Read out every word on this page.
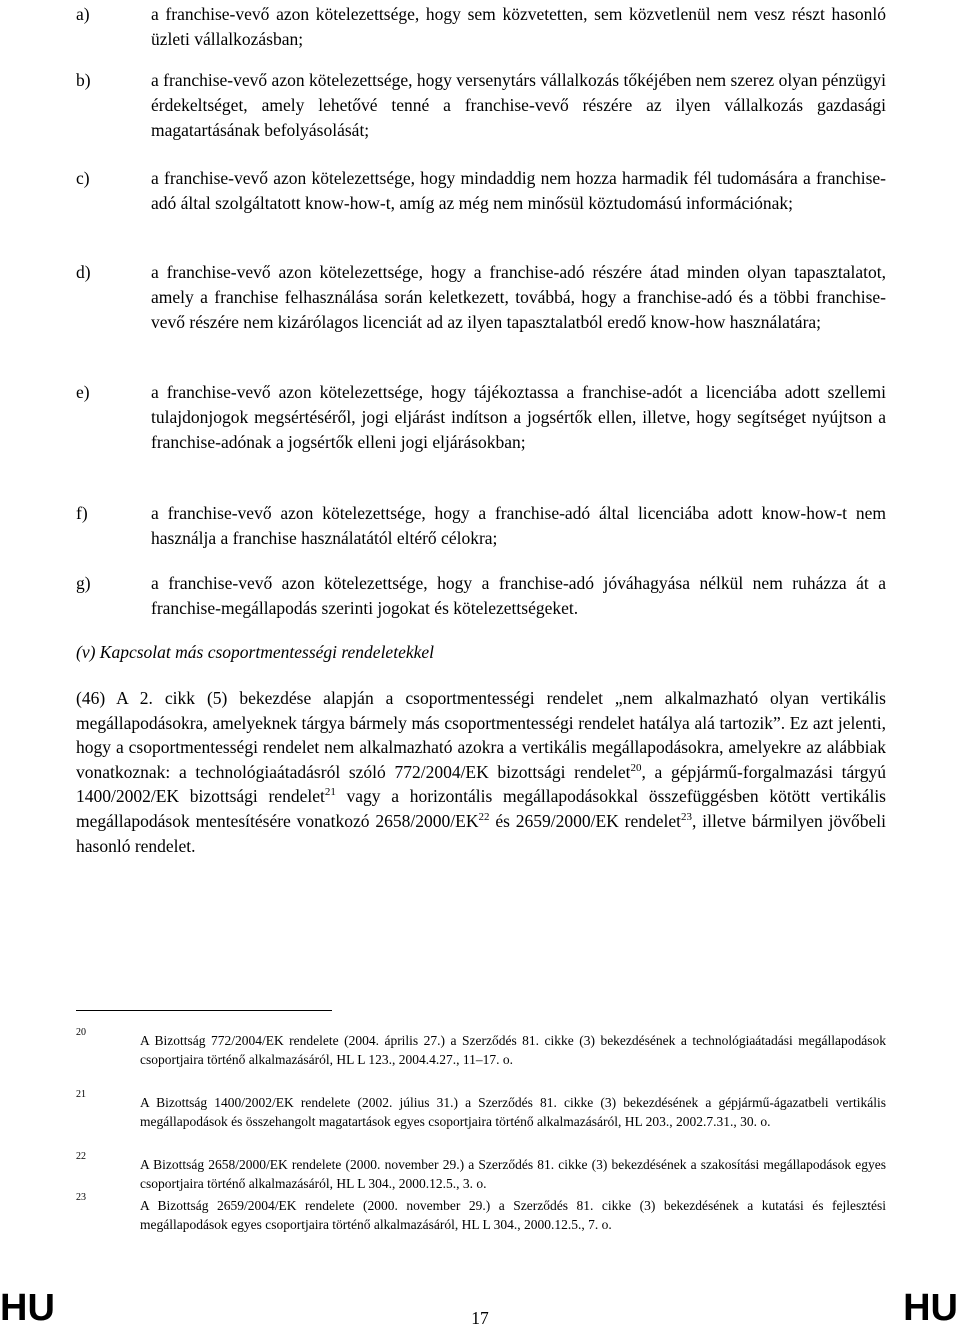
a)	a franchise-vevő azon kötelezettsége, hogy sem közvetetten, sem közvetlenül nem vesz részt hasonló üzleti vállalkozásban;
b)	a franchise-vevő azon kötelezettsége, hogy versenytárs vállalkozás tőkéjében nem szerez olyan pénzügyi érdekeltséget, amely lehetővé tenné a franchise-vevő részére az ilyen vállalkozás gazdasági magatartásának befolyásolását;
c)	a franchise-vevő azon kötelezettsége, hogy mindaddig nem hozza harmadik fél tudomására a franchise-adó által szolgáltatott know-how-t, amíg az még nem minősül köztudomású információnak;
d)	a franchise-vevő azon kötelezettsége, hogy a franchise-adó részére átad minden olyan tapasztalatot, amely a franchise felhasználása során keletkezett, továbbá, hogy a franchise-adó és a többi franchise-vevő részére nem kizárólagos licenciát ad az ilyen tapasztalatból eredő know-how használatára;
e)	a franchise-vevő azon kötelezettsége, hogy tájékoztassa a franchise-adót a licenciába adott szellemi tulajdonjogok megsértéséről, jogi eljárást indítson a jogsértők ellen, illetve, hogy segítséget nyújtson a franchise-adónak a jogsértők elleni jogi eljárásokban;
f)	a franchise-vevő azon kötelezettsége, hogy a franchise-adó által licenciába adott know-how-t nem használja a franchise használatától eltérő célokra;
g)	a franchise-vevő azon kötelezettsége, hogy a franchise-adó jóváhagyása nélkül nem ruházza át a franchise-megállapodás szerinti jogokat és kötelezettségeket.
(v) Kapcsolat más csoportmentességi rendeletekkel
(46) A 2. cikk (5) bekezdése alapján a csoportmentességi rendelet „nem alkalmazható olyan vertikális megállapodásokra, amelyeknek tárgya bármely más csoportmentességi rendelet hatálya alá tartozik”. Ez azt jelenti, hogy a csoportmentességi rendelet nem alkalmazható azokra a vertikális megállapodásokra, amelyekre az alábbiak vonatkoznak: a technológiaátadásról szóló 772/2004/EK bizottsági rendelet$^{20}$, a gépjármű-forgalmazási tárgyú 1400/2002/EK bizottsági rendelet$^{21}$ vagy a horizontális megállapodásokkal összefüggésben kötött vertikális megállapodások mentesítésére vonatkozó 2658/2000/EK$^{22}$ és 2659/2000/EK rendelet$^{23}$, illetve bármilyen jövőbeli hasonló rendelet.
20
A Bizottság 772/2004/EK rendelete (2004. április 27.) a Szerződés 81. cikke (3) bekezdésének a technológiaátadási megállapodások csoportjaira történő alkalmazásáról, HL L 123., 2004.4.27., 11–17. o.
21
A Bizottság 1400/2002/EK rendelete (2002. július 31.) a Szerződés 81. cikke (3) bekezdésének a gépjármű-ágazatbeli vertikális megállapodások és összehangolt magatartások egyes csoportjaira történő alkalmazásáról, HL 203., 2002.7.31., 30. o.
22
A Bizottság 2658/2000/EK rendelete (2000. november 29.) a Szerződés 81. cikke (3) bekezdésének a szakosítási megállapodások egyes csoportjaira történő alkalmazásáról, HL L 304., 2000.12.5., 3. o.
23
A Bizottság 2659/2004/EK rendelete (2000. november 29.) a Szerződés 81. cikke (3) bekezdésének a kutatási és fejlesztési megállapodások egyes csoportjaira történő alkalmazásáról, HL L 304., 2000.12.5., 7. o.
HU	17	HU
